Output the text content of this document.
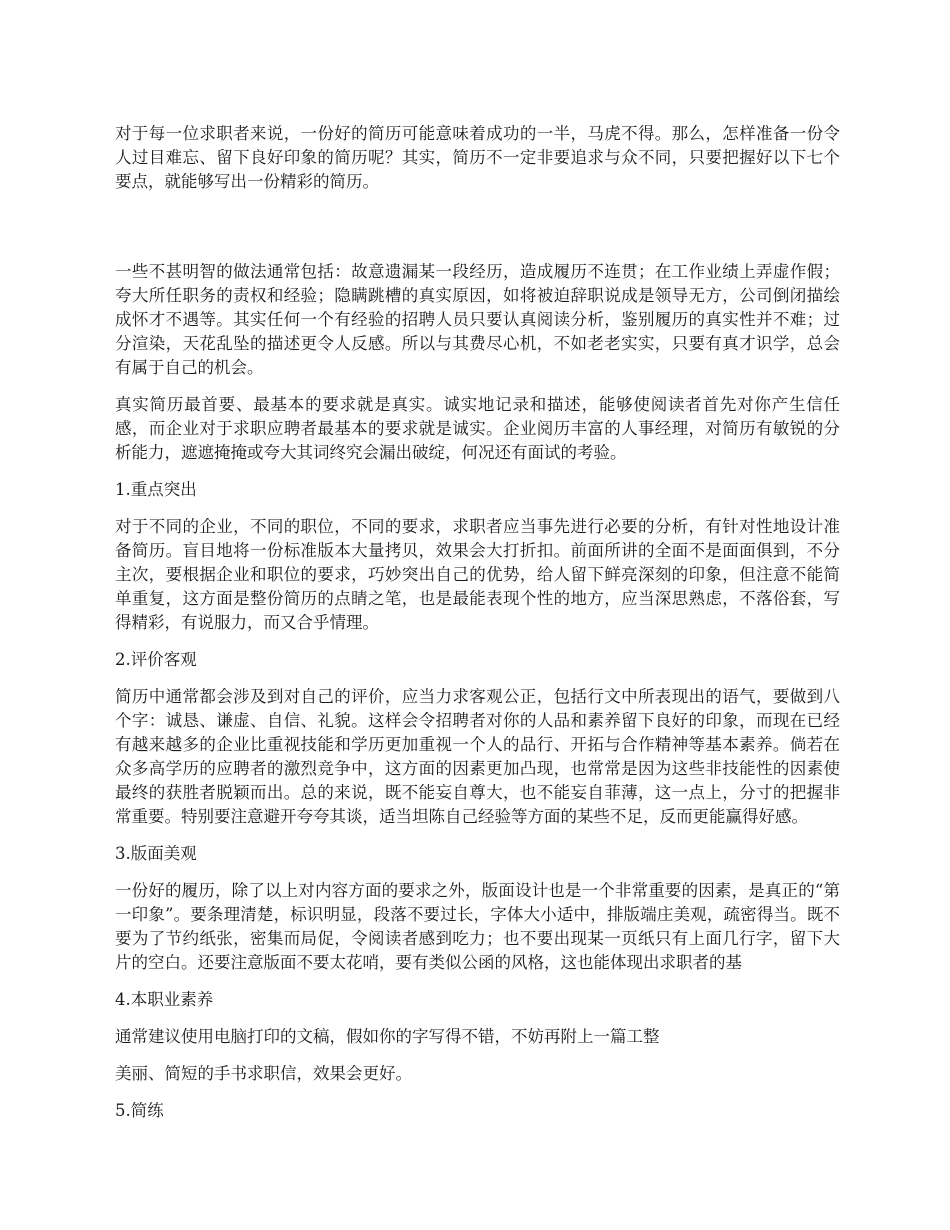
对于每一位求职者来说，一份好的简历可能意味着成功的一半，马虎不得。那么，怎样准备一份令人过目难忘、留下良好印象的简历呢？其实，简历不一定非要追求与众不同，只要把握好以下七个要点，就能够写出一份精彩的简历。

一些不甚明智的做法通常包括：故意遗漏某一段经历，造成履历不连贯；在工作业绩上弄虚作假；夸大所任职务的责权和经验；隐瞒跳槽的真实原因，如将被迫辞职说成是领导无方，公司倒闭描绘成怀才不遇等。其实任何一个有经验的招聘人员只要认真阅读分析，鉴别履历的真实性并不难；过分渲染，天花乱坠的描述更令人反感。所以与其费尽心机，不如老老实实，只要有真才识学，总会有属于自己的机会。

真实简历最首要、最基本的要求就是真实。诚实地记录和描述，能够使阅读者首先对你产生信任感，而企业对于求职应聘者最基本的要求就是诚实。企业阅历丰富的人事经理，对简历有敏锐的分析能力，遮遮掩掩或夸大其词终究会漏出破绽，何况还有面试的考验。

1.重点突出

对于不同的企业，不同的职位，不同的要求，求职者应当事先进行必要的分析，有针对性地设计准备简历。盲目地将一份标准版本大量拷贝，效果会大打折扣。前面所讲的全面不是面面俱到，不分主次，要根据企业和职位的要求，巧妙突出自己的优势，给人留下鲜亮深刻的印象，但注意不能简单重复，这方面是整份简历的点睛之笔，也是最能表现个性的地方，应当深思熟虑，不落俗套，写得精彩，有说服力，而又合乎情理。

2.评价客观

简历中通常都会涉及到对自己的评价，应当力求客观公正，包括行文中所表现出的语气，要做到八个字：诚恳、谦虚、自信、礼貌。这样会令招聘者对你的人品和素养留下良好的印象，而现在已经有越来越多的企业比重视技能和学历更加重视一个人的品行、开拓与合作精神等基本素养。倘若在众多高学历的应聘者的激烈竞争中，这方面的因素更加凸现，也常常是因为这些非技能性的因素使最终的获胜者脱颖而出。总的来说，既不能妄自尊大，也不能妄自菲薄，这一点上，分寸的把握非常重要。特别要注意避开夸夸其谈，适当坦陈自己经验等方面的某些不足，反而更能赢得好感。

3.版面美观

一份好的履历，除了以上对内容方面的要求之外，版面设计也是一个非常重要的因素，是真正的“第一印象”。要条理清楚，标识明显，段落不要过长，字体大小适中，排版端庄美观，疏密得当。既不要为了节约纸张，密集而局促，令阅读者感到吃力；也不要出现某一页纸只有上面几行字，留下大片的空白。还要注意版面不要太花哨，要有类似公函的风格，这也能体现出求职者的基

4.本职业素养

通常建议使用电脑打印的文稿，假如你的字写得不错，不妨再附上一篇工整

美丽、简短的手书求职信，效果会更好。

5.简练
